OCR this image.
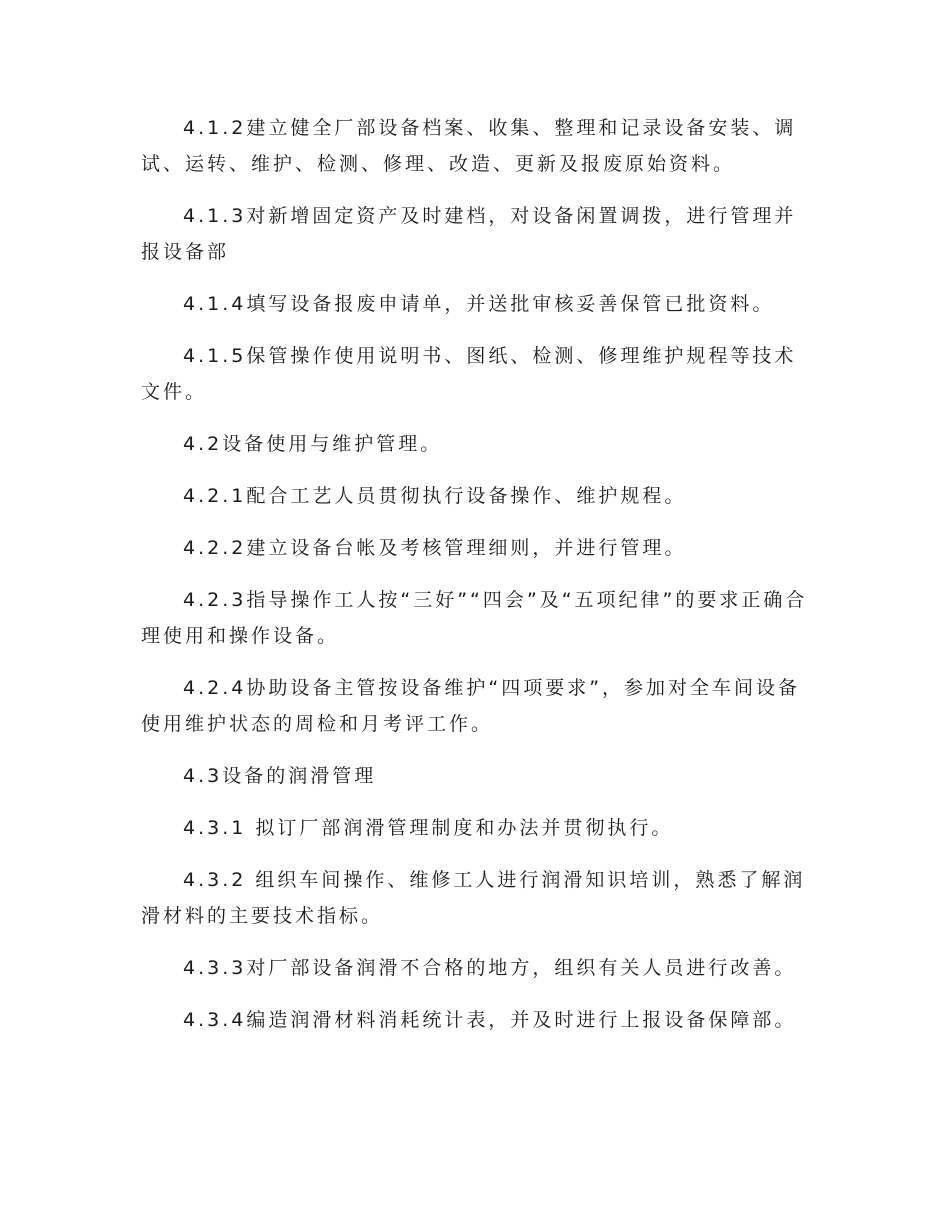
4.1.2建立健全厂部设备档案、收集、整理和记录设备安装、调试、运转、维护、检测、修理、改造、更新及报废原始资料。

4.1.3对新增固定资产及时建档，对设备闲置调拨，进行管理并报设备部

4.1.4填写设备报废申请单，并送批审核妥善保管已批资料。

4.1.5保管操作使用说明书、图纸、检测、修理维护规程等技术文件。

4.2设备使用与维护管理。

4.2.1配合工艺人员贯彻执行设备操作、维护规程。

4.2.2建立设备台帐及考核管理细则，并进行管理。

4.2.3指导操作工人按“三好”“四会”及“五项纪律”的要求正确合理使用和操作设备。

4.2.4协助设备主管按设备维护“四项要求”，参加对全车间设备使用维护状态的周检和月考评工作。

4.3设备的润滑管理

4.3.1 拟订厂部润滑管理制度和办法并贯彻执行。

4.3.2 组织车间操作、维修工人进行润滑知识培训，熟悉了解润滑材料的主要技术指标。

4.3.3对厂部设备润滑不合格的地方，组织有关人员进行改善。

4.3.4编造润滑材料消耗统计表，并及时进行上报设备保障部。
